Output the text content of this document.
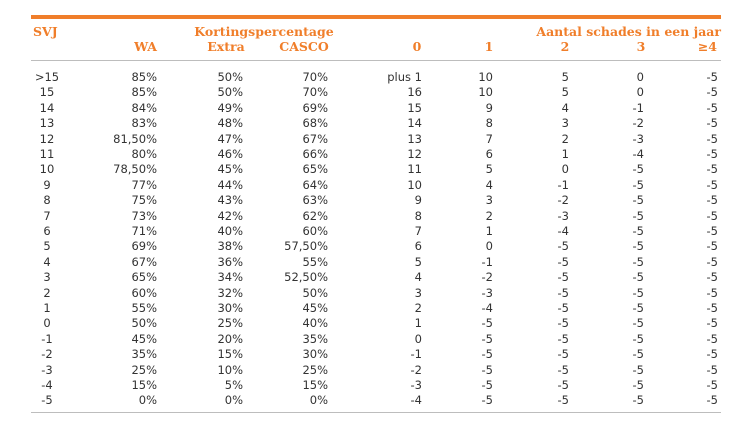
SVJ	Kortingspercentage	Aantal schades in een jaar
WA	Extra	CASCO	0	1	2	3	≥4
>15	85%	50%	70%	plus 1	10	5	0	-5
15	85%	50%	70%	16	10	5	0	-5
14	84%	49%	69%	15	9	4	-1	-5
13	83%	48%	68%	14	8	3	-2	-5
12	81,50%	47%	67%	13	7	2	-3	-5
11	80%	46%	66%	12	6	1	-4	-5
10	78,50%	45%	65%	11	5	0	-5	-5
9	77%	44%	64%	10	4	-1	-5	-5
8	75%	43%	63%	9	3	-2	-5	-5
7	73%	42%	62%	8	2	-3	-5	-5
6	71%	40%	60%	7	1	-4	-5	-5
5	69%	38%	57,50%	6	0	-5	-5	-5
4	67%	36%	55%	5	-1	-5	-5	-5
3	65%	34%	52,50%	4	-2	-5	-5	-5
2	60%	32%	50%	3	-3	-5	-5	-5
1	55%	30%	45%	2	-4	-5	-5	-5
0	50%	25%	40%	1	-5	-5	-5	-5
-1	45%	20%	35%	0	-5	-5	-5	-5
-2	35%	15%	30%	-1	-5	-5	-5	-5
-3	25%	10%	25%	-2	-5	-5	-5	-5
-4	15%	5%	15%	-3	-5	-5	-5	-5
-5	0%	0%	0%	-4	-5	-5	-5	-5
